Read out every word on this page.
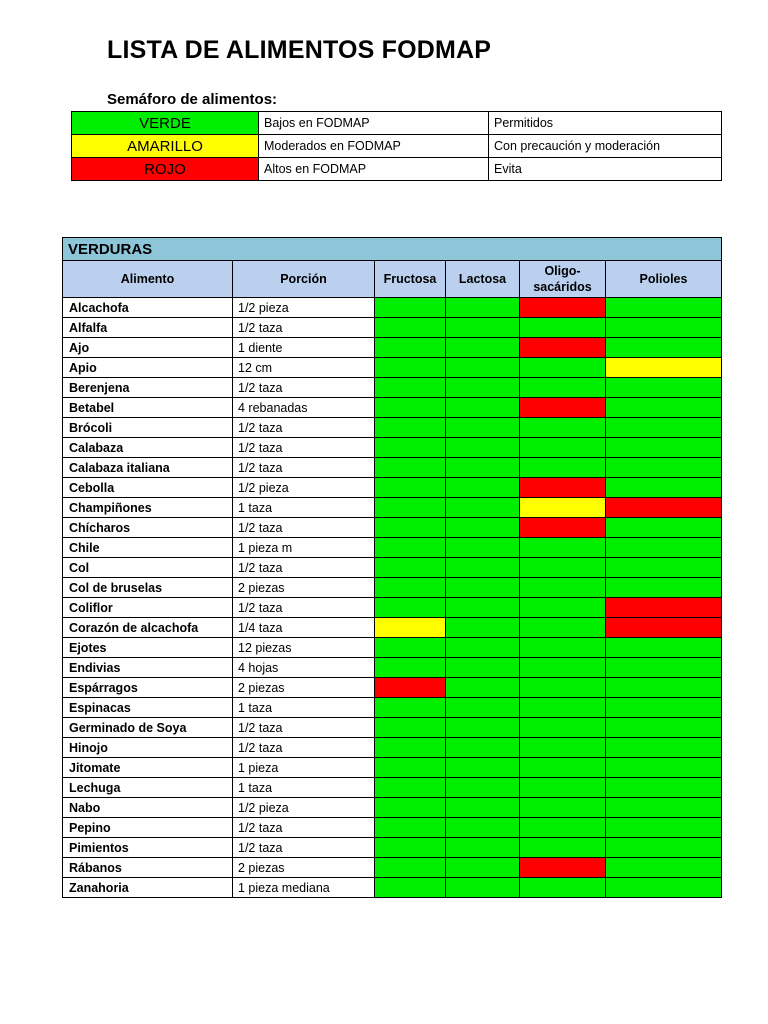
LISTA DE ALIMENTOS FODMAP
Semáforo de alimentos:
VERDE	Bajos en FODMAP	Permitidos
AMARILLO	Moderados en FODMAP	Con precaución y moderación
ROJO	Altos en FODMAP	Evita
VERDURAS					
Alimento	Porción	Fructosa	Lactosa	Oligo-
sacáridos	Polioles
Alcachofa	1/2 pieza				
Alfalfa	1/2 taza				
Ajo	1 diente				
Apio	12 cm				
Berenjena	1/2 taza				
Betabel	4 rebanadas				
Brócoli	1/2 taza				
Calabaza	1/2 taza				
Calabaza italiana	1/2 taza				
Cebolla	1/2 pieza				
Champiñones	1 taza				
Chícharos	1/2 taza				
Chile	1 pieza m				
Col	1/2 taza				
Col de bruselas	2 piezas				
Coliflor	1/2 taza				
Corazón de alcachofa	1/4 taza				
Ejotes	12 piezas				
Endivias	4 hojas				
Espárragos	2 piezas				
Espinacas	1 taza				
Germinado de Soya	1/2 taza				
Hinojo	1/2 taza				
Jitomate	1 pieza				
Lechuga	1 taza				
Nabo	1/2 pieza				
Pepino	1/2 taza				
Pimientos	1/2 taza				
Rábanos	2 piezas				
Zanahoria	1 pieza mediana				
